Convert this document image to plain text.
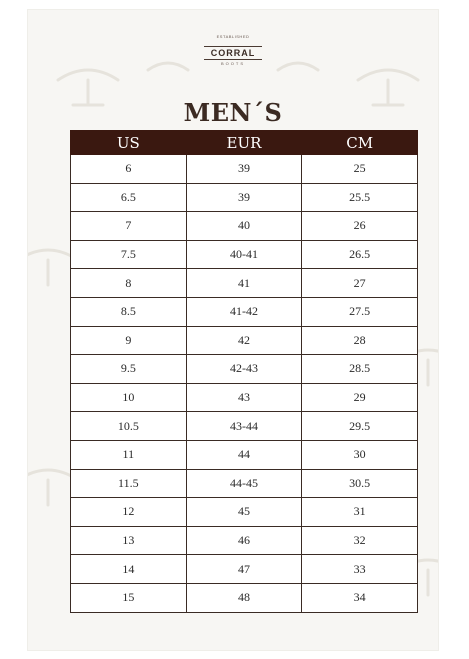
ESTABLISHED
CORRAL
BOOTS
MEN´S
US	EUR	CM
6	39	25
6.5	39	25.5
7	40	26
7.5	40-41	26.5
8	41	27
8.5	41-42	27.5
9	42	28
9.5	42-43	28.5
10	43	29
10.5	43-44	29.5
11	44	30
11.5	44-45	30.5
12	45	31
13	46	32
14	47	33
15	48	34
